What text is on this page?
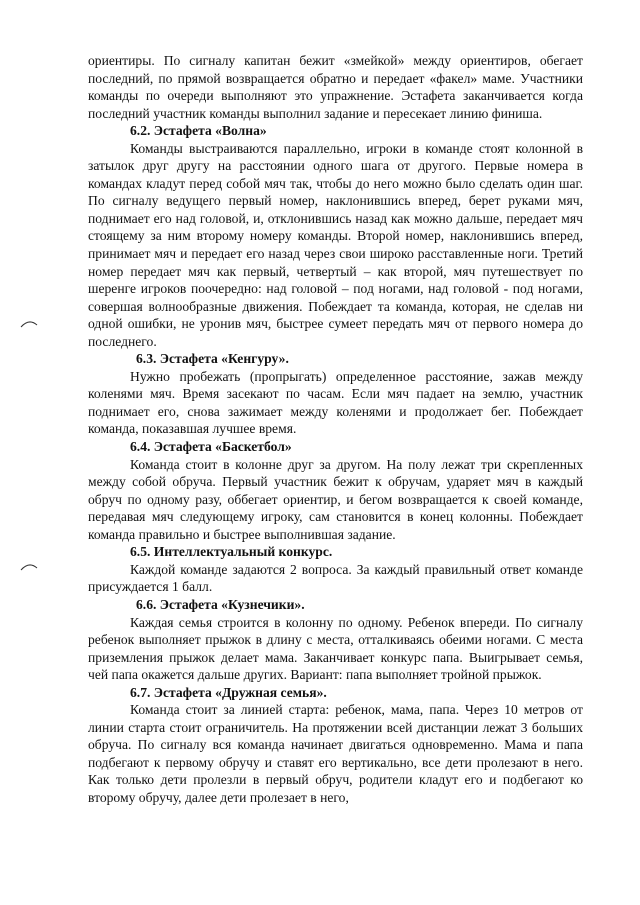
ориентиры. По сигналу капитан бежит «змейкой» между ориентиров, обегает последний, по прямой возвращается обратно и передает «факел» маме. Участники команды по очереди выполняют это упражнение. Эстафета заканчивается когда последний участник команды выполнил задание и пересекает линию финиша.

6.2. Эстафета «Волна»

Команды выстраиваются параллельно, игроки в команде стоят колонной в затылок друг другу на расстоянии одного шага от другого. Первые номера в командах кладут перед собой мяч так, чтобы до него можно было сделать один шаг. По сигналу ведущего первый номер, наклонившись вперед, берет руками мяч, поднимает его над головой, и, отклонившись назад как можно дальше, передает мяч стоящему за ним второму номеру команды. Второй номер, наклонившись вперед, принимает мяч и передает его назад через свои широко расставленные ноги. Третий номер передает мяч как первый, четвертый – как второй, мяч путешествует по шеренге игроков поочередно: над головой – под ногами, над головой - под ногами, совершая волнообразные движения. Побеждает та команда, которая, не сделав ни одной ошибки, не уронив мяч, быстрее сумеет передать мяч от первого номера до последнего.

6.3. Эстафета «Кенгуру».

Нужно пробежать (пропрыгать) определенное расстояние, зажав между коленями мяч. Время засекают по часам. Если мяч падает на землю, участник поднимает его, снова зажимает между коленями и продолжает бег. Побеждает команда, показавшая лучшее время.

6.4. Эстафета «Баскетбол»

Команда стоит в колонне друг за другом. На полу лежат три скрепленных между собой обруча. Первый участник бежит к обручам, ударяет мяч в каждый обруч по одному разу, оббегает ориентир, и бегом возвращается к своей команде, передавая мяч следующему игроку, сам становится в конец колонны. Побеждает команда правильно и быстрее выполнившая задание.

6.5. Интеллектуальный конкурс.

Каждой команде задаются 2 вопроса. За каждый правильный ответ команде присуждается 1 балл.

6.6. Эстафета «Кузнечики».

Каждая семья строится в колонну по одному. Ребенок впереди. По сигналу ребенок выполняет прыжок в длину с места, отталкиваясь обеими ногами. С места приземления прыжок делает мама. Заканчивает конкурс папа. Выигрывает семья, чей папа окажется дальше других. Вариант: папа выполняет тройной прыжок.

6.7. Эстафета «Дружная семья».

Команда стоит за линией старта: ребенок, мама, папа. Через 10 метров от линии старта стоит ограничитель. На протяжении всей дистанции лежат 3 больших обруча. По сигналу вся команда начинает двигаться одновременно. Мама и папа подбегают к первому обручу и ставят его вертикально, все дети пролезают в него. Как только дети пролезли в первый обруч, родители кладут его и подбегают ко второму обручу, далее дети пролезает в него,
